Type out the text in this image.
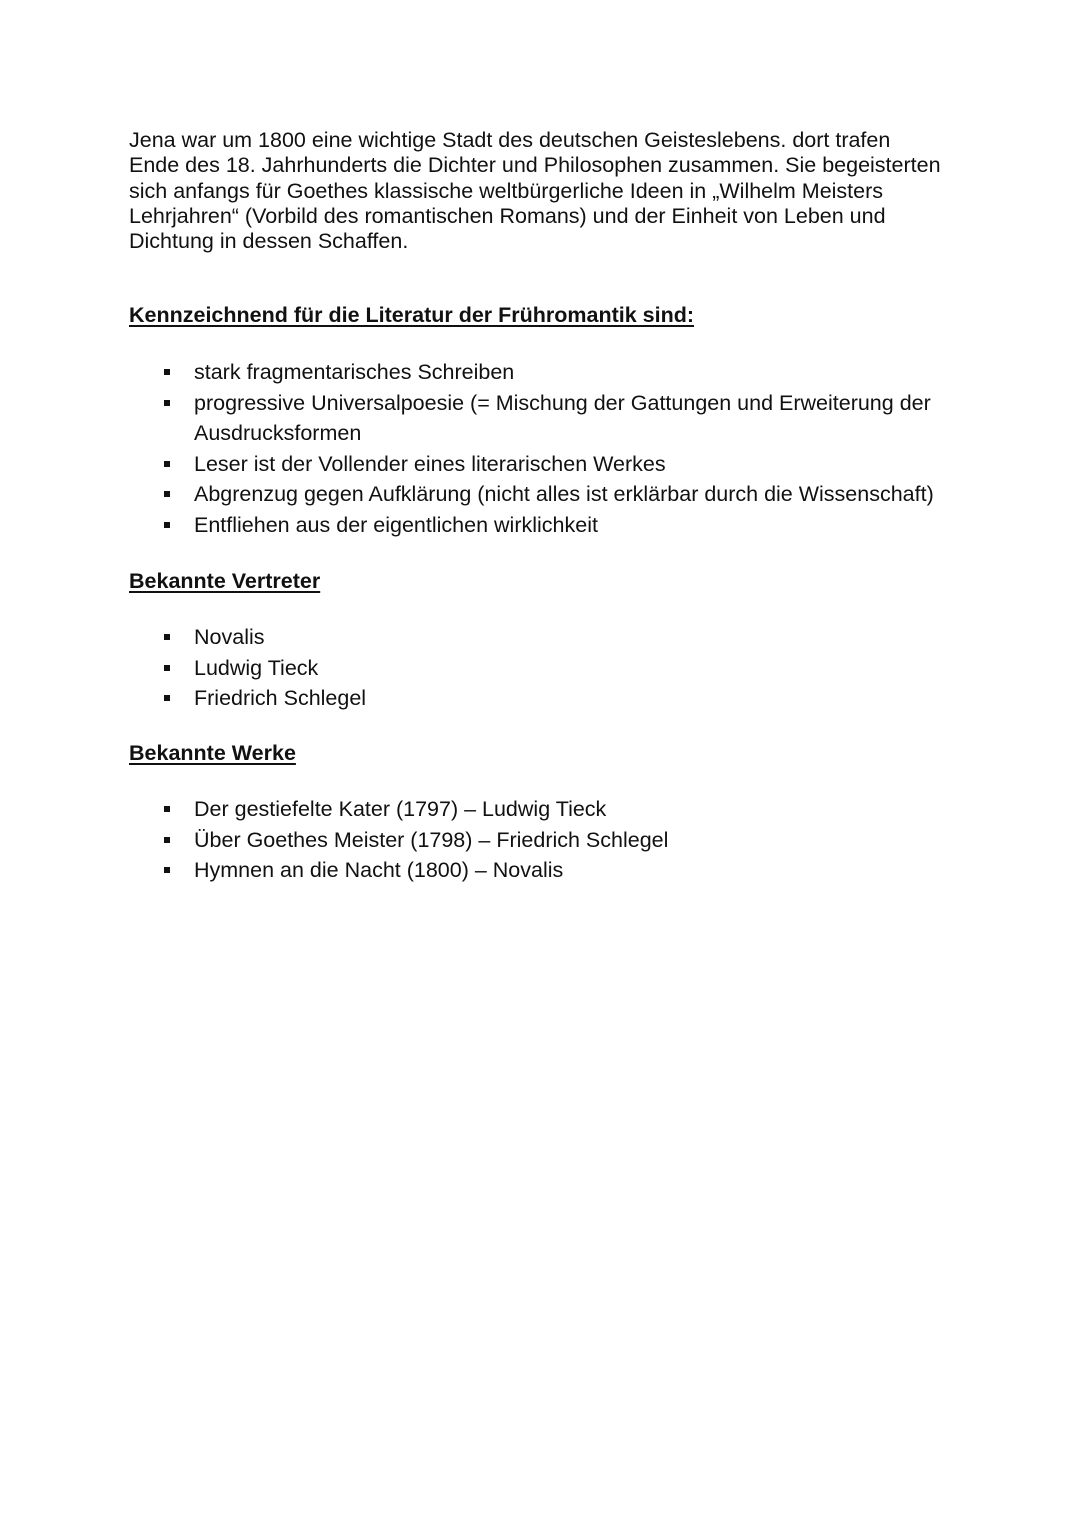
Jena war um 1800 eine wichtige Stadt des deutschen Geisteslebens. dort trafen
Ende des 18. Jahrhunderts die Dichter und Philosophen zusammen. Sie begeisterten
sich anfangs für Goethes klassische weltbürgerliche Ideen in „Wilhelm Meisters
Lehrjahren“ (Vorbild des romantischen Romans) und der Einheit von Leben und
Dichtung in dessen Schaffen.

Kennzeichnend für die Literatur der Frühromantik sind:
stark fragmentarisches Schreiben
progressive Universalpoesie (= Mischung der Gattungen und Erweiterung der
Ausdrucksformen
Leser ist der Vollender eines literarischen Werkes
Abgrenzug gegen Aufklärung (nicht alles ist erklärbar durch die Wissenschaft)
Entfliehen aus der eigentlichen wirklichkeit
Bekannte Vertreter
Novalis
Ludwig Tieck
Friedrich Schlegel
Bekannte Werke
Der gestiefelte Kater (1797) – Ludwig Tieck
Über Goethes Meister (1798) – Friedrich Schlegel
Hymnen an die Nacht (1800) – Novalis
